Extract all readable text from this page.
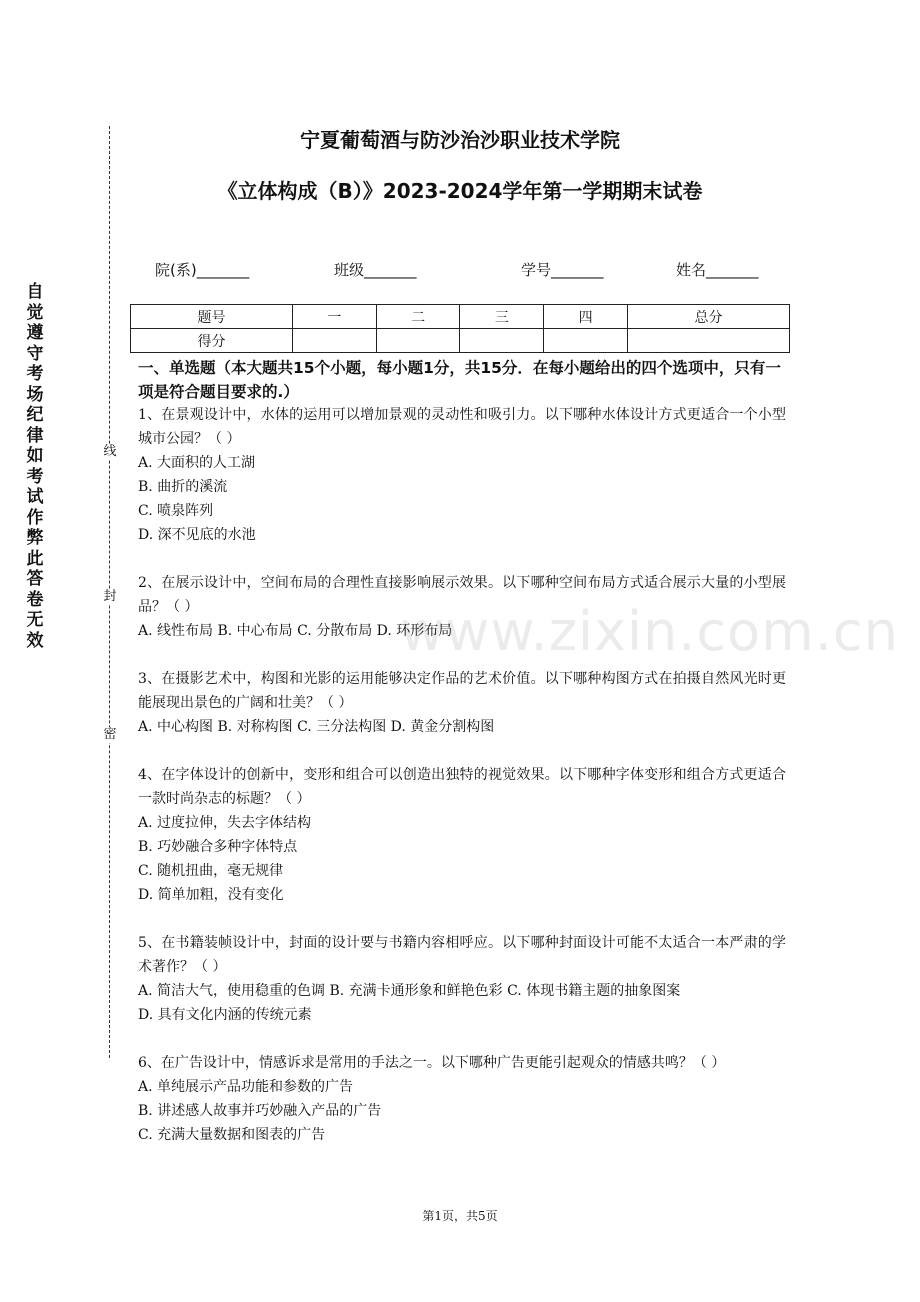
自觉遵守考场纪律如考试作弊此答卷无效
线
封
密
宁夏葡萄酒与防沙治沙职业技术学院
《立体构成（B）》2023-2024学年第一学期期末试卷
院(系)_______	班级_______	学号_______	姓名_______
题号	一	二	三	四	总分
得分					
一、单选题（本大题共15个小题，每小题1分，共15分．在每小题给出的四个选项中，只有一项是符合题目要求的.）
1、在景观设计中，水体的运用可以增加景观的灵动性和吸引力。以下哪种水体设计方式更适合一个小型城市公园？（ ）
A. 大面积的人工湖
B. 曲折的溪流
C. 喷泉阵列
D. 深不见底的水池
2、在展示设计中，空间布局的合理性直接影响展示效果。以下哪种空间布局方式适合展示大量的小型展品？（ ）
A. 线性布局 B. 中心布局 C. 分散布局 D. 环形布局
3、在摄影艺术中，构图和光影的运用能够决定作品的艺术价值。以下哪种构图方式在拍摄自然风光时更能展现出景色的广阔和壮美？（ ）
A. 中心构图 B. 对称构图 C. 三分法构图 D. 黄金分割构图
4、在字体设计的创新中，变形和组合可以创造出独特的视觉效果。以下哪种字体变形和组合方式更适合一款时尚杂志的标题？（ ）
A. 过度拉伸，失去字体结构
B. 巧妙融合多种字体特点
C. 随机扭曲，毫无规律
D. 简单加粗，没有变化
5、在书籍装帧设计中，封面的设计要与书籍内容相呼应。以下哪种封面设计可能不太适合一本严肃的学术著作？（ ）
A. 简洁大气，使用稳重的色调 B. 充满卡通形象和鲜艳色彩 C. 体现书籍主题的抽象图案
D. 具有文化内涵的传统元素
6、在广告设计中，情感诉求是常用的手法之一。以下哪种广告更能引起观众的情感共鸣？（ ）
A. 单纯展示产品功能和参数的广告
B. 讲述感人故事并巧妙融入产品的广告
C. 充满大量数据和图表的广告
www.zixin.com.cn
第1页，共5页
